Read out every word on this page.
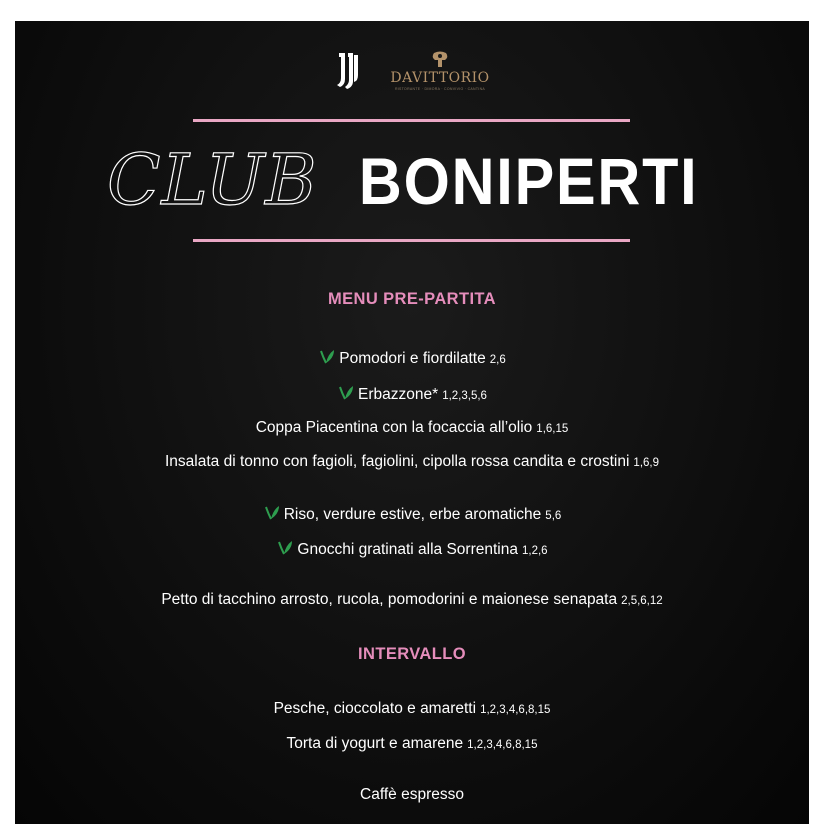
DAVITTORIO
RISTORANTE · DIMORA · CONVIVIO · CANTINA
CLUB BONIPERTI
MENU PRE-PARTITA
Pomodori e fiordilatte 2,6
Erbazzone* 1,2,3,5,6
Coppa Piacentina con la focaccia all’olio 1,6,15
Insalata di tonno con fagioli, fagiolini, cipolla rossa candita e crostini 1,6,9
Riso, verdure estive, erbe aromatiche 5,6
Gnocchi gratinati alla Sorrentina 1,2,6
Petto di tacchino arrosto, rucola, pomodorini e maionese senapata 2,5,6,12
INTERVALLO
Pesche, cioccolato e amaretti 1,2,3,4,6,8,15
Torta di yogurt e amarene 1,2,3,4,6,8,15
Caffè espresso
